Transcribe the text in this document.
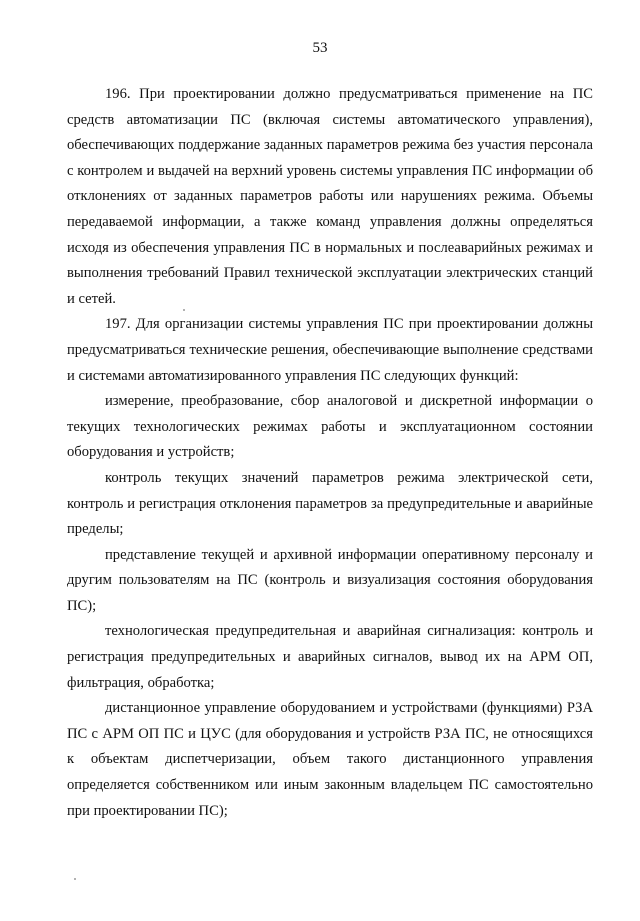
53

196. При проектировании должно предусматриваться применение на ПС средств автоматизации ПС (включая системы автоматического управления), обеспечивающих поддержание заданных параметров режима без участия персонала с контролем и выдачей на верхний уровень системы управления ПС информации об отклонениях от заданных параметров работы или нарушениях режима. Объемы передаваемой информации, а также команд управления должны определяться исходя из обеспечения управления ПС в нормальных и послеаварийных режимах и выполнения требований Правил технической эксплуатации электрических станций и сетей.

197. Для организации системы управления ПС при проектировании должны предусматриваться технические решения, обеспечивающие выполнение средствами и системами автоматизированного управления ПС следующих функций:

измерение, преобразование, сбор аналоговой и дискретной информации о текущих технологических режимах работы и эксплуатационном состоянии оборудования и устройств;

контроль текущих значений параметров режима электрической сети, контроль и регистрация отклонения параметров за предупредительные и аварийные пределы;

представление текущей и архивной информации оперативному персоналу и другим пользователям на ПС (контроль и визуализация состояния оборудования ПС);

технологическая предупредительная и аварийная сигнализация: контроль и регистрация предупредительных и аварийных сигналов, вывод их на АРМ ОП, фильтрация, обработка;

дистанционное управление оборудованием и устройствами (функциями) РЗА ПС с АРМ ОП ПС и ЦУС (для оборудования и устройств РЗА ПС, не относящихся к объектам диспетчеризации, объем такого дистанционного управления определяется собственником или иным законным владельцем ПС самостоятельно при проектировании ПС);
